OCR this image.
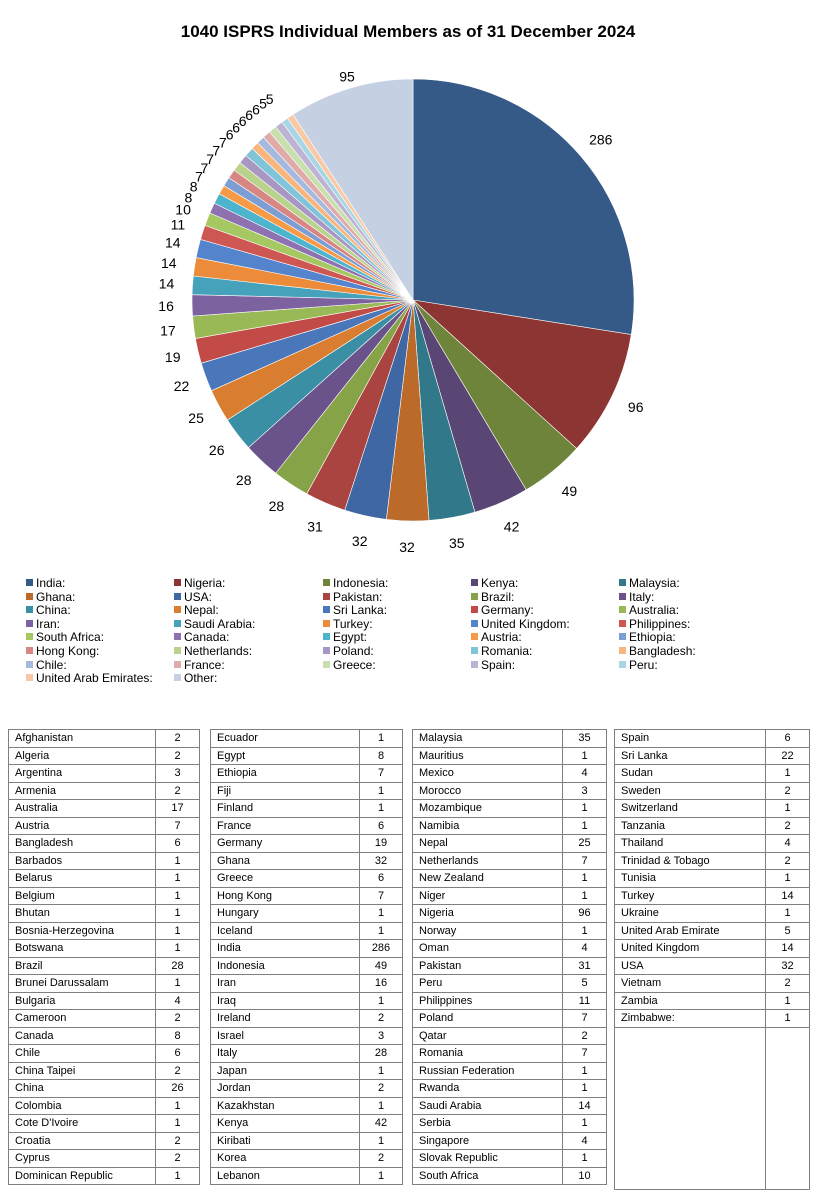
1040 ISPRS Individual Members as of 31 December 2024
286
96
49
42
35
32
32
31
28
28
26
25
22
19
17
16
14
14
14
11
10
8
8
7
7
7
7
7 6
6
6
6 6 5
5
95
India:	Nigeria:	Indonesia:	Kenya:	Malaysia:
Ghana:	USA:	Pakistan:	Brazil:	Italy:
China:	Nepal:	Sri Lanka:	Germany:	Australia:
Iran:	Saudi Arabia:	Turkey:	United Kingdom:	Philippines:
South Africa:	Canada:	Egypt:	Austria:	Ethiopia:
Hong Kong:	Netherlands:	Poland:	Romania:	Bangladesh:
Chile:	France:	Greece:	Spain:	Peru:
United Arab Emirates:	Other:
Afghanistan	2
Algeria	2
Argentina	3
Armenia	2
Australia	17
Austria	7
Bangladesh	6
Barbados	1
Belarus	1
Belgium	1
Bhutan	1
Bosnia-Herzegovina	1
Botswana	1
Brazil	28
Brunei Darussalam	1
Bulgaria	4
Cameroon	2
Canada	8
Chile	6
China Taipei	2
China	26
Colombia	1
Cote D'Ivoire	1
Croatia	2
Cyprus	2
Dominican Republic	1
Ecuador	1
Egypt	8
Ethiopia	7
Fiji	1
Finland	1
France	6
Germany	19
Ghana	32
Greece	6
Hong Kong	7
Hungary	1
Iceland	1
India	286
Indonesia	49
Iran	16
Iraq	1
Ireland	2
Israel	3
Italy	28
Japan	1
Jordan	2
Kazakhstan	1
Kenya	42
Kiribati	1
Korea	2
Lebanon	1
Malaysia	35
Mauritius	1
Mexico	4
Morocco	3
Mozambique	1
Namibia	1
Nepal	25
Netherlands	7
New Zealand	1
Niger	1
Nigeria	96
Norway	1
Oman	4
Pakistan	31
Peru	5
Philippines	11
Poland	7
Qatar	2
Romania	7
Russian Federation	1
Rwanda	1
Saudi Arabia	14
Serbia	1
Singapore	4
Slovak Republic	1
South Africa	10
Spain	6
Sri Lanka	22
Sudan	1
Sweden	2
Switzerland	1
Tanzania	2
Thailand	4
Trinidad & Tobago	2
Tunisia	1
Turkey	14
Ukraine	1
United Arab Emirate	5
United Kingdom	14
USA	32
Vietnam	2
Zambia	1
Zimbabwe:	1
